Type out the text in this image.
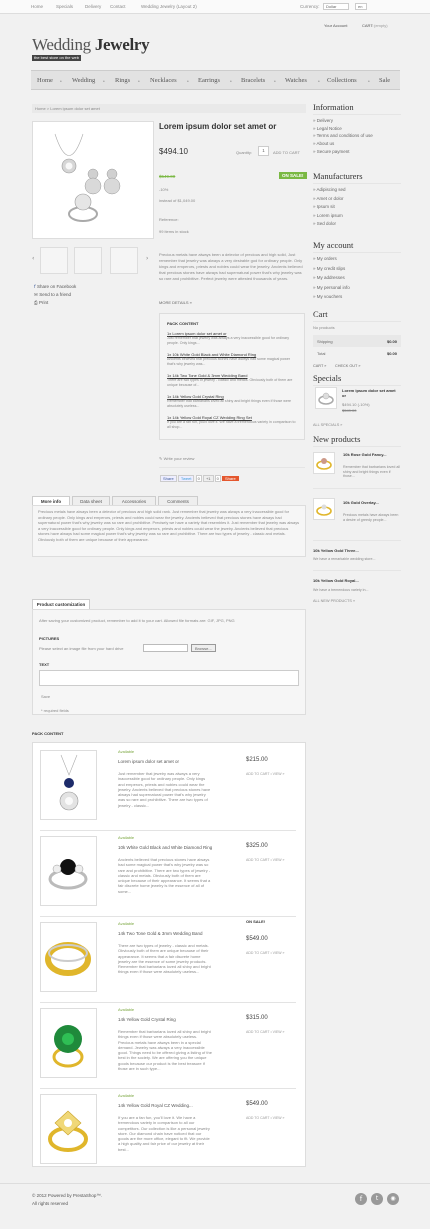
Home	Specials	Delivery Contact	Wedding Jewelry (Layout 2)	Currency:	Dollar	en
Your Account	CART: (empty)
Wedding Jewelry
the best store on the web
Home • Wedding • Rings • Necklaces • Earrings • Bracelets • Watches • Collections • Sale
Home > Lorem ipsum dolor set amet
‹	›
f Share on Facebook
✉ Send to a friend
⎙ Print
Lorem ipsum dolor set amet or
$494.10	Quantity:	1	ADD TO CART
$549.00	ON SALE!
-10%
instead of $1,049.00
Reference:
99 items in stock
Precious metals have always been a delector of precious and high solid, Just remember that jewelry was always a very desirable god for ordinary people. Only kings and emperors, priests and nobles could wear the jewelry. Ancients believed that precious stones have always had supernatural power that's why jewelry was so rare and prohibitive. Perfect jewelry were attested thousands of years.
MORE DETAILS »
PACK CONTENT
1x Lorem ipsum dolor set amet or
Just remember that jewelry was always a very inaccessible good for ordinary people. Only kings...
1x 10k White Gold Black and White Diamond Ring
Ancients believed that precious stones have always had some magical power that's why jewelry was...
1x 14k Two Tone Gold & 3mm Wedding Band
There are two types of jewelry - classic and metals. Obviously both of them are unique because of...
1x 14k Yellow Gold Crystal Ring
Remember that barbarians loved all shiny and bright things even if those were absolutely useless...
1x 14k Yellow Gold Royal CZ Wedding Ring Set
If you are a fan fun, you'll love it. We have a tremendous variety in comparison to all shop...
✎ Write your review
Share Tweet 0 +1 0 Share
More info	Data sheet	Accessories	Comments
Precious metals have always been a delector of precious and high solid rank. Just remember that jewelry was always a very inaccessible good for ordinary people. Only kings and emperors, priests and nobles could wear the jewelry. Ancients believed that precious stones have always had supernatural power that's why jewelry was so rare and prohibitive. Precisely we have a variety that resembles it. Just remember that jewelry was always a very inaccessible good for ordinary people. Only kings and emperors, priests and nobles could wear the jewelry. Ancients believed that precious stones have always had some magical power that's why jewelry was so rare and prohibitive. There are two types of jewelry - classic and metals. Obviously both of them are unique because of their appearance.
Product customization
After saving your customized product, remember to add it to your cart. Allowed file formats are: GIF, JPG, PNG
PICTURES
Please select an image file from your hard drive	Browse...
TEXT
Save
* required fields
PACK CONTENT
Available
Lorem ipsum dolor set amet or
Just remember that jewelry was always a very inaccessible good for ordinary people. Only kings and emperors, priests and nobles could wear the jewelry. Ancients believed that precious stones have always had supernatural power that's why jewelry was so rare and prohibitive. There are two types of jewelry - classic...
$215.00
ADD TO CART • VIEW »
Available
10k White Gold Black and White Diamond Ring
Ancients believed that precious stones have always had some magical power that's why jewelry was so rare and prohibitive. There are two types of jewelry - classic and metals. Obviously both of them are unique because of their appearance. It seems that a fair discrete home jewelry is the essence of all of some...
$325.00
ADD TO CART • VIEW »
Available
14k Two Tone Gold & 3mm Wedding Band
There are two types of jewelry - classic and metals. Obviously both of them are unique because of their appearance. It seems that a fair discrete home jewelry are the essence of some jewelry products. Remember that barbarians loved all shiny and bright things even if those were absolutely useless...
ON SALE!
$549.00
ADD TO CART • VIEW »
Available
14k Yellow Gold Crystal Ring
Remember that barbarians loved all shiny and bright things even if those were absolutely useless. Precious metals have always been in a special demand. Jewelry was always a very inaccessible good. Things need to be offered giving a listing of the best in the society. We are offering you the unique goods because our product is the best treasure if those are in such type...
$315.00
ADD TO CART • VIEW »
Available
14k Yellow Gold Royal CZ Wedding...
If you are a fan fun, you'll love it. We have a tremendous variety in comparison to all our competitors. Our collection is like a personal jewelry store. Our diamond chain have noticed that our goods are the more office, elegant to fit. We provide a high quality and fair price of our jewelry at their best...
$549.00
ADD TO CART • VIEW »
Information
» Delivery
» Legal Notice
» Terms and conditions of use
» About us
» Secure payment
Manufacturers
» Adipiscing sed
» Amet or dolor
» Ipsum sit
» Lorem ipsum
» Sed dolor
My account
» My orders
» My credit slips
» My addresses
» My personal info
» My vouchers
Cart
No products
Shipping	$0.00
Total	$0.00
CART » CHECK OUT »
Specials
Lorem ipsum dolor set amet or
$494.10 (-10%)
$549.00
ALL SPECIALS »
New products
10k Rose Gold Fancy...
Remember that barbarians loved all shiny and bright things even if those...
10k Gold Overlay...
Precious metals have always been a desire of greedy people...
10k Yellow Gold Three...
We have a remarkable wedding store...
10k Yellow Gold Royal...
We have a tremendous variety in...
ALL NEW PRODUCTS »
© 2012 Powered by PrestaShop™.
All rights reserved
f	t	◉
